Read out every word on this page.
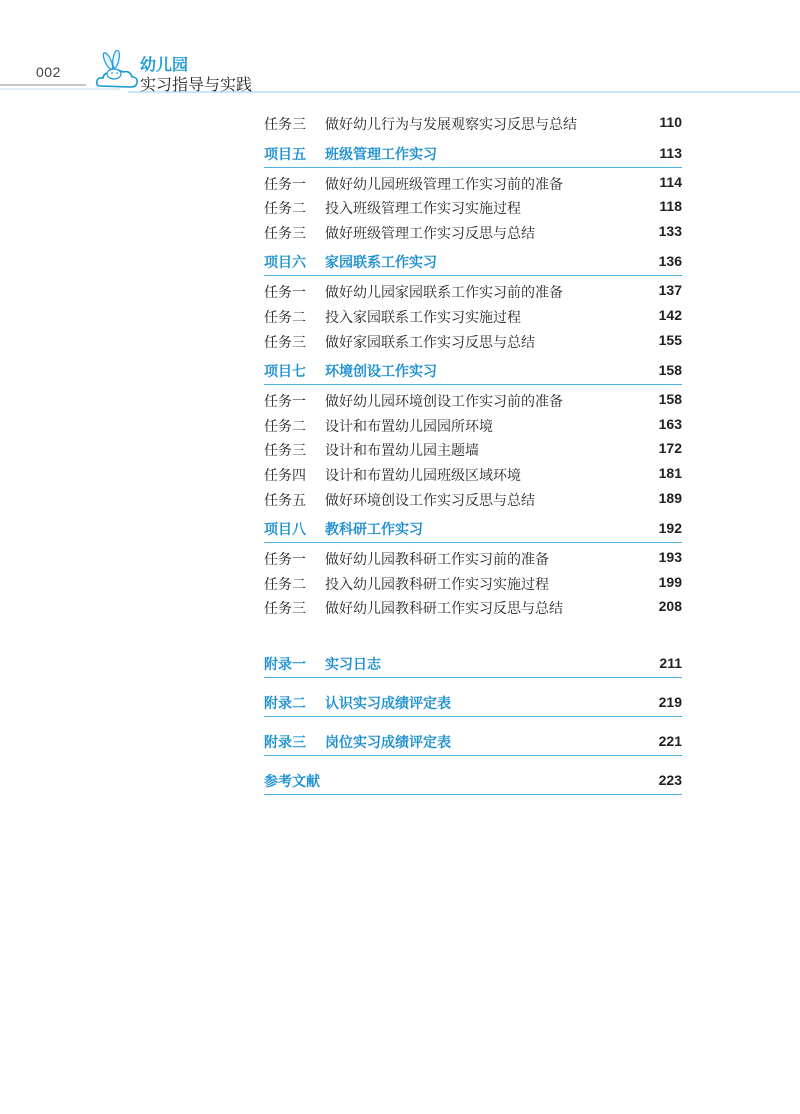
002	幼儿园
实习指导与实践
任务三 做好幼儿行为与发展观察实习反思与总结	110
项目五 班级管理工作实习	113
任务一 做好幼儿园班级管理工作实习前的准备	114
任务二 投入班级管理工作实习实施过程	118
任务三 做好班级管理工作实习反思与总结	133
项目六 家园联系工作实习	136
任务一 做好幼儿园家园联系工作实习前的准备	137
任务二 投入家园联系工作实习实施过程	142
任务三 做好家园联系工作实习反思与总结	155
项目七 环境创设工作实习	158
任务一 做好幼儿园环境创设工作实习前的准备	158
任务二 设计和布置幼儿园园所环境	163
任务三 设计和布置幼儿园主题墙	172
任务四 设计和布置幼儿园班级区域环境	181
任务五 做好环境创设工作实习反思与总结	189
项目八 教科研工作实习	192
任务一 做好幼儿园教科研工作实习前的准备	193
任务二 投入幼儿园教科研工作实习实施过程	199
任务三 做好幼儿园教科研工作实习反思与总结	208
附录一 实习日志	211
附录二 认识实习成绩评定表	219
附录三 岗位实习成绩评定表	221
参考文献	223
